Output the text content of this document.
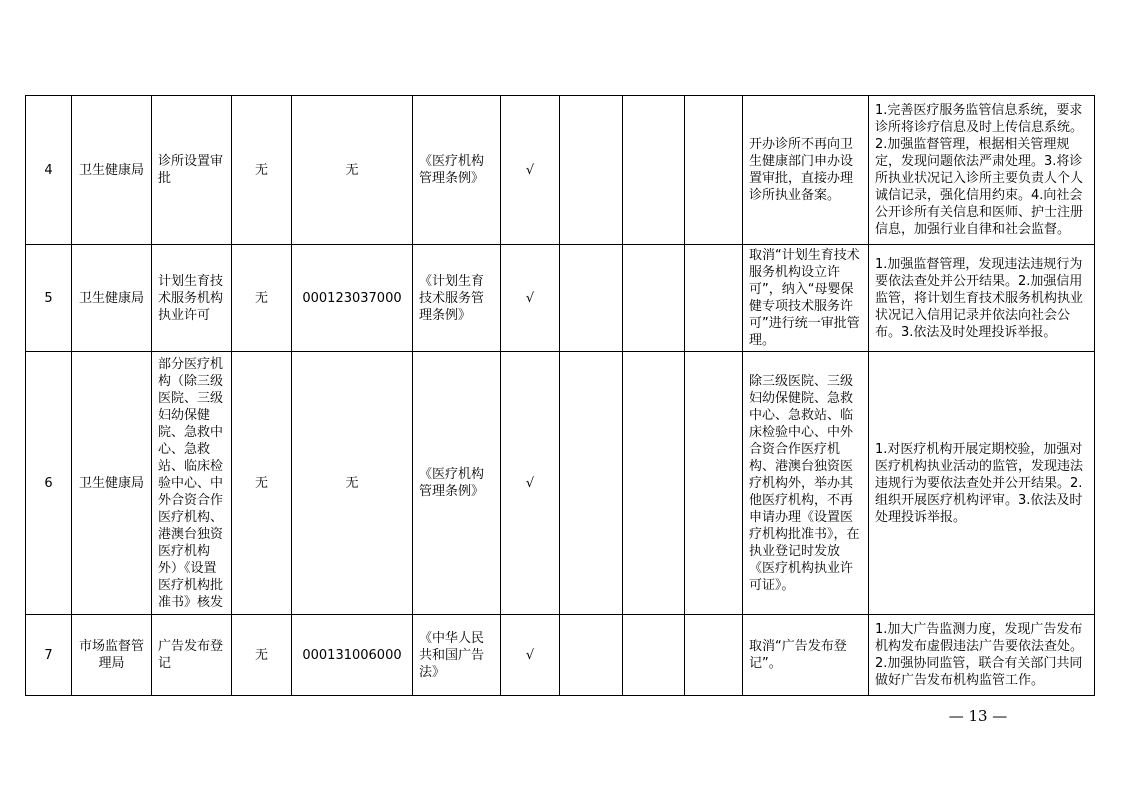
4	卫生健康局	诊所设置审批	无	无	《医疗机构管理条例》	√				开办诊所不再向卫生健康部门申办设置审批，直接办理诊所执业备案。	1.完善医疗服务监管信息系统，要求诊所将诊疗信息及时上传信息系统。2.加强监督管理，根据相关管理规定，发现问题依法严肃处理。3.将诊所执业状况记入诊所主要负责人个人诚信记录，强化信用约束。4.向社会公开诊所有关信息和医师、护士注册信息，加强行业自律和社会监督。
5	卫生健康局	计划生育技术服务机构执业许可	无	000123037000	《计划生育技术服务管理条例》	√				取消“计划生育技术服务机构设立许可”，纳入“母婴保健专项技术服务许可”进行统一审批管理。	1.加强监督管理，发现违法违规行为要依法查处并公开结果。2.加强信用监管，将计划生育技术服务机构执业状况记入信用记录并依法向社会公布。3.依法及时处理投诉举报。
6	卫生健康局	部分医疗机构（除三级医院、三级妇幼保健院、急救中心、急救站、临床检验中心、中外合资合作医疗机构、港澳台独资医疗机构外）《设置医疗机构批准书》核发	无	无	《医疗机构管理条例》	√				除三级医院、三级妇幼保健院、急救中心、急救站、临床检验中心、中外合资合作医疗机构、港澳台独资医疗机构外，举办其他医疗机构，不再申请办理《设置医疗机构批准书》，在执业登记时发放《医疗机构执业许可证》。	1.对医疗机构开展定期校验，加强对医疗机构执业活动的监管，发现违法违规行为要依法查处并公开结果。2.组织开展医疗机构评审。3.依法及时处理投诉举报。
7	市场监督管理局	广告发布登记	无	000131006000	《中华人民共和国广告法》	√				取消“广告发布登记”。	1.加大广告监测力度，发现广告发布机构发布虚假违法广告要依法查处。2.加强协同监管，联合有关部门共同做好广告发布机构监管工作。
— 13 —
